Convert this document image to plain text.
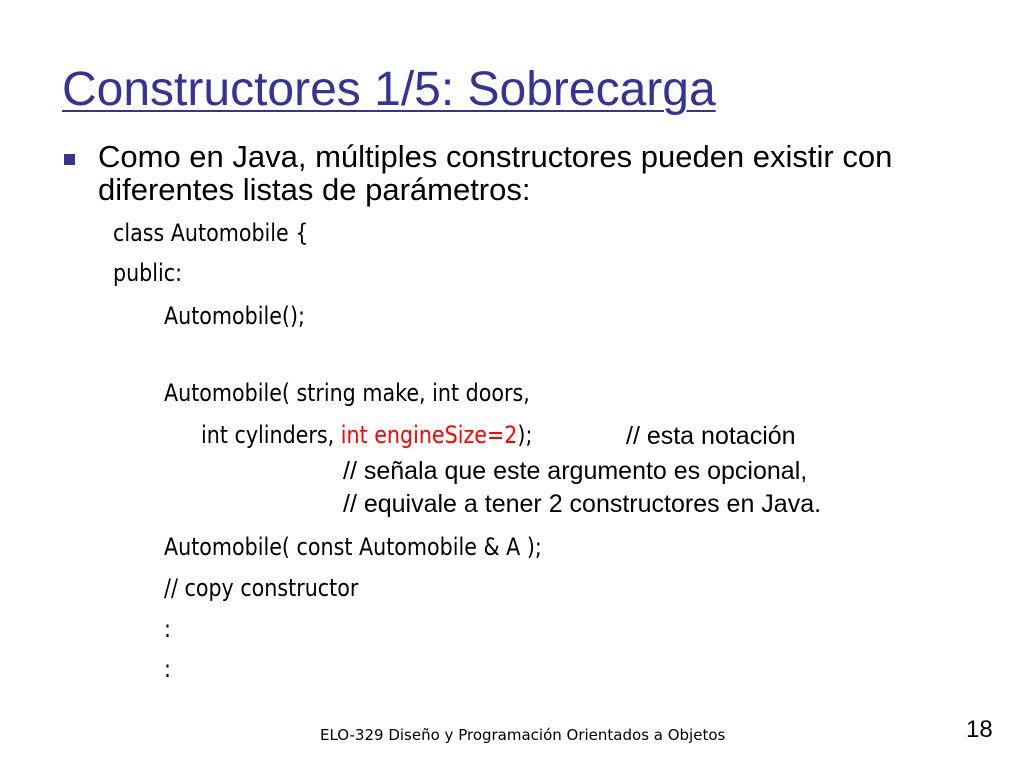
Constructores 1/5: Sobrecarga
Como en Java, múltiples constructores pueden existir con diferentes listas de parámetros:
class Automobile {
public:
Automobile();
Automobile( string make, int doors,
int cylinders, int engineSize=2);	// esta notación
// señala que este argumento es opcional,
// equivale a tener 2 constructores en Java.
Automobile( const Automobile & A );
// copy constructor
:
:
ELO-329 Diseño y Programación Orientados a Objetos	18
